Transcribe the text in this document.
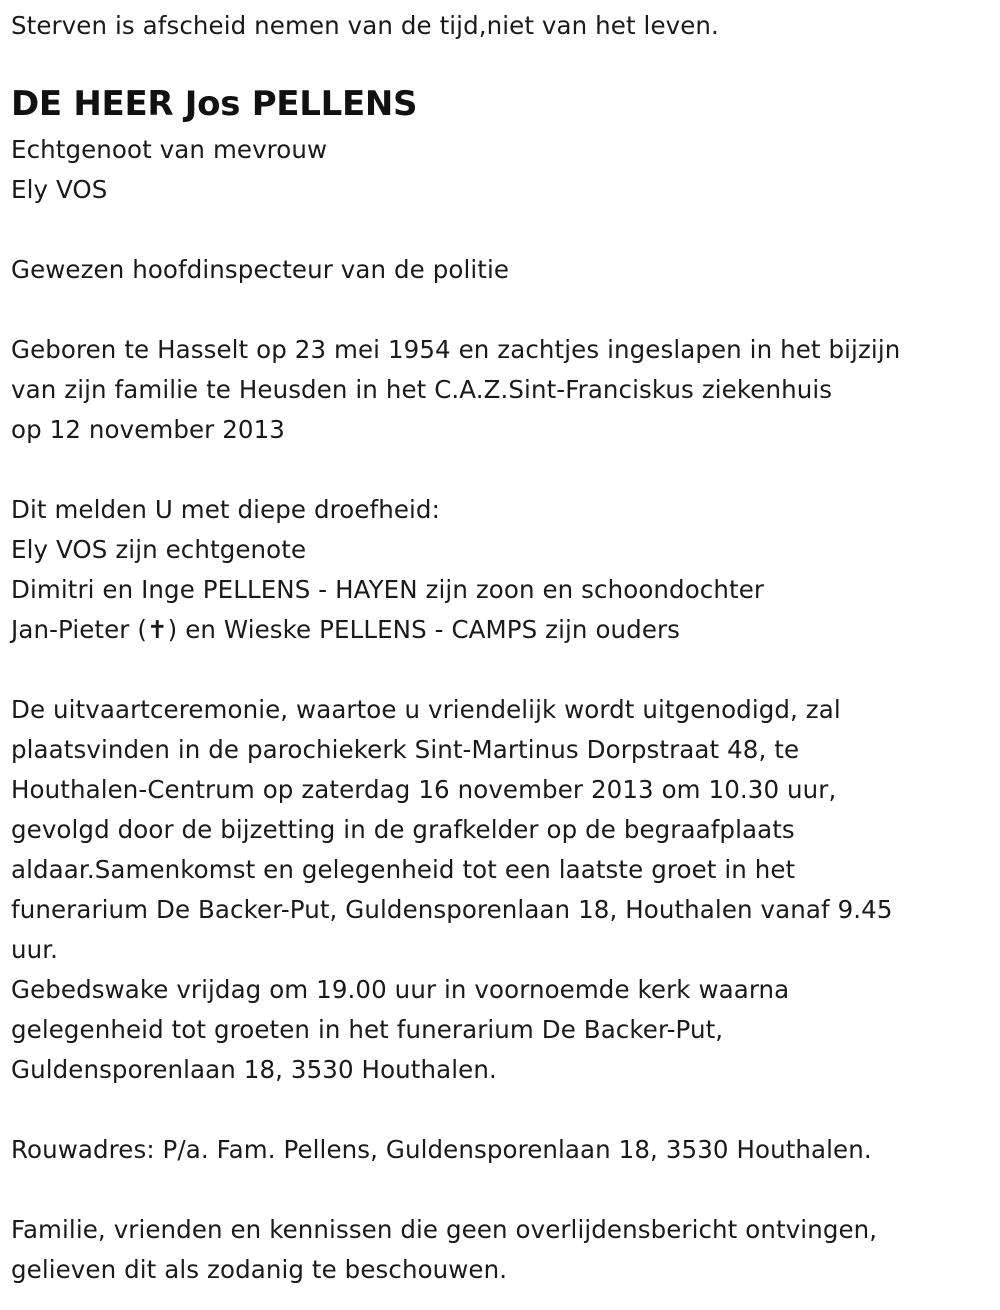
Sterven is afscheid nemen van de tijd,niet van het leven.
DE HEER Jos PELLENS
Echtgenoot van mevrouw
Ely VOS
Gewezen hoofdinspecteur van de politie
Geboren te Hasselt op 23 mei 1954 en zachtjes ingeslapen in het bijzijn
van zijn familie te Heusden in het C.A.Z.Sint-Franciskus ziekenhuis
op 12 november 2013
Dit melden U met diepe droefheid:
Ely VOS zijn echtgenote
Dimitri en Inge PELLENS - HAYEN zijn zoon en schoondochter
Jan-Pieter (✝) en Wieske PELLENS - CAMPS zijn ouders
De uitvaartceremonie, waartoe u vriendelijk wordt uitgenodigd, zal
plaatsvinden in de parochiekerk Sint-Martinus Dorpstraat 48, te
Houthalen-Centrum op zaterdag 16 november 2013 om 10.30 uur,
gevolgd door de bijzetting in de grafkelder op de begraafplaats
aldaar.Samenkomst en gelegenheid tot een laatste groet in het
funerarium De Backer-Put, Guldensporenlaan 18, Houthalen vanaf 9.45
uur.
Gebedswake vrijdag om 19.00 uur in voornoemde kerk waarna
gelegenheid tot groeten in het funerarium De Backer-Put,
Guldensporenlaan 18, 3530 Houthalen.
Rouwadres: P/a. Fam. Pellens, Guldensporenlaan 18, 3530 Houthalen.
Familie, vrienden en kennissen die geen overlijdensbericht ontvingen,
gelieven dit als zodanig te beschouwen.
